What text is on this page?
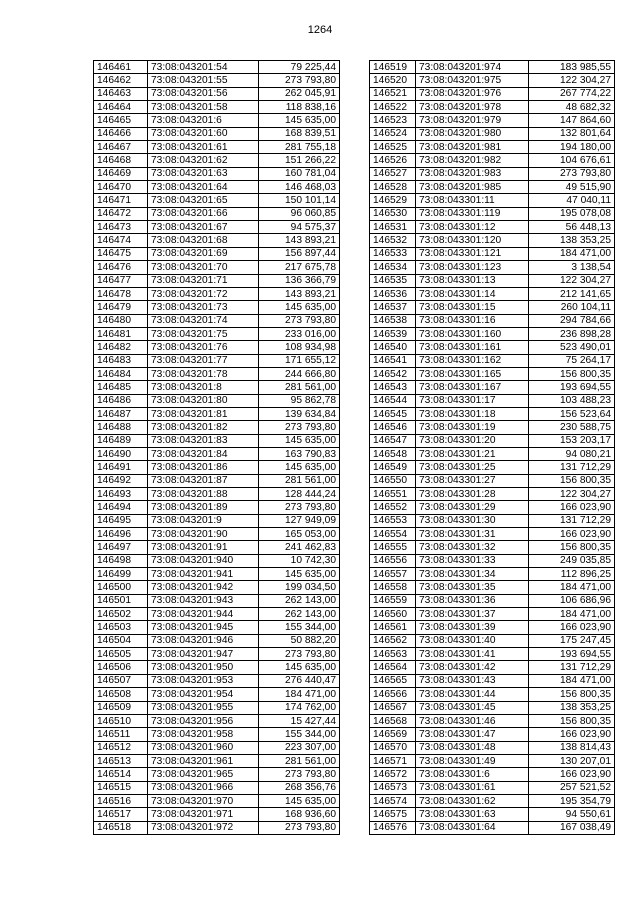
1264
146461	73:08:043201:54	79 225,44
146462	73:08:043201:55	273 793,80
146463	73:08:043201:56	262 045,91
146464	73:08:043201:58	118 838,16
146465	73:08:043201:6	145 635,00
146466	73:08:043201:60	168 839,51
146467	73:08:043201:61	281 755,18
146468	73:08:043201:62	151 266,22
146469	73:08:043201:63	160 781,04
146470	73:08:043201:64	146 468,03
146471	73:08:043201:65	150 101,14
146472	73:08:043201:66	96 060,85
146473	73:08:043201:67	94 575,37
146474	73:08:043201:68	143 893,21
146475	73:08:043201:69	156 897,44
146476	73:08:043201:70	217 675,78
146477	73:08:043201:71	136 366,79
146478	73:08:043201:72	143 893,21
146479	73:08:043201:73	145 635,00
146480	73:08:043201:74	273 793,80
146481	73:08:043201:75	233 016,00
146482	73:08:043201:76	108 934,98
146483	73:08:043201:77	171 655,12
146484	73:08:043201:78	244 666,80
146485	73:08:043201:8	281 561,00
146486	73:08:043201:80	95 862,78
146487	73:08:043201:81	139 634,84
146488	73:08:043201:82	273 793,80
146489	73:08:043201:83	145 635,00
146490	73:08:043201:84	163 790,83
146491	73:08:043201:86	145 635,00
146492	73:08:043201:87	281 561,00
146493	73:08:043201:88	128 444,24
146494	73:08:043201:89	273 793,80
146495	73:08:043201:9	127 949,09
146496	73:08:043201:90	165 053,00
146497	73:08:043201:91	241 462,83
146498	73:08:043201:940	10 742,30
146499	73:08:043201:941	145 635,00
146500	73:08:043201:942	199 034,50
146501	73:08:043201:943	262 143,00
146502	73:08:043201:944	262 143,00
146503	73:08:043201:945	155 344,00
146504	73:08:043201:946	50 882,20
146505	73:08:043201:947	273 793,80
146506	73:08:043201:950	145 635,00
146507	73:08:043201:953	276 440,47
146508	73:08:043201:954	184 471,00
146509	73:08:043201:955	174 762,00
146510	73:08:043201:956	15 427,44
146511	73:08:043201:958	155 344,00
146512	73:08:043201:960	223 307,00
146513	73:08:043201:961	281 561,00
146514	73:08:043201:965	273 793,80
146515	73:08:043201:966	268 356,76
146516	73:08:043201:970	145 635,00
146517	73:08:043201:971	168 936,60
146518	73:08:043201:972	273 793,80
146519	73:08:043201:974	183 985,55
146520	73:08:043201:975	122 304,27
146521	73:08:043201:976	267 774,22
146522	73:08:043201:978	48 682,32
146523	73:08:043201:979	147 864,60
146524	73:08:043201:980	132 801,64
146525	73:08:043201:981	194 180,00
146526	73:08:043201:982	104 676,61
146527	73:08:043201:983	273 793,80
146528	73:08:043201:985	49 515,90
146529	73:08:043301:11	47 040,11
146530	73:08:043301:119	195 078,08
146531	73:08:043301:12	56 448,13
146532	73:08:043301:120	138 353,25
146533	73:08:043301:121	184 471,00
146534	73:08:043301:123	3 138,54
146535	73:08:043301:13	122 304,27
146536	73:08:043301:14	212 141,65
146537	73:08:043301:15	260 104,11
146538	73:08:043301:16	294 784,66
146539	73:08:043301:160	236 898,28
146540	73:08:043301:161	523 490,01
146541	73:08:043301:162	75 264,17
146542	73:08:043301:165	156 800,35
146543	73:08:043301:167	193 694,55
146544	73:08:043301:17	103 488,23
146545	73:08:043301:18	156 523,64
146546	73:08:043301:19	230 588,75
146547	73:08:043301:20	153 203,17
146548	73:08:043301:21	94 080,21
146549	73:08:043301:25	131 712,29
146550	73:08:043301:27	156 800,35
146551	73:08:043301:28	122 304,27
146552	73:08:043301:29	166 023,90
146553	73:08:043301:30	131 712,29
146554	73:08:043301:31	166 023,90
146555	73:08:043301:32	156 800,35
146556	73:08:043301:33	249 035,85
146557	73:08:043301:34	112 896,25
146558	73:08:043301:35	184 471,00
146559	73:08:043301:36	106 686,96
146560	73:08:043301:37	184 471,00
146561	73:08:043301:39	166 023,90
146562	73:08:043301:40	175 247,45
146563	73:08:043301:41	193 694,55
146564	73:08:043301:42	131 712,29
146565	73:08:043301:43	184 471,00
146566	73:08:043301:44	156 800,35
146567	73:08:043301:45	138 353,25
146568	73:08:043301:46	156 800,35
146569	73:08:043301:47	166 023,90
146570	73:08:043301:48	138 814,43
146571	73:08:043301:49	130 207,01
146572	73:08:043301:6	166 023,90
146573	73:08:043301:61	257 521,52
146574	73:08:043301:62	195 354,79
146575	73:08:043301:63	94 550,61
146576	73:08:043301:64	167 038,49
